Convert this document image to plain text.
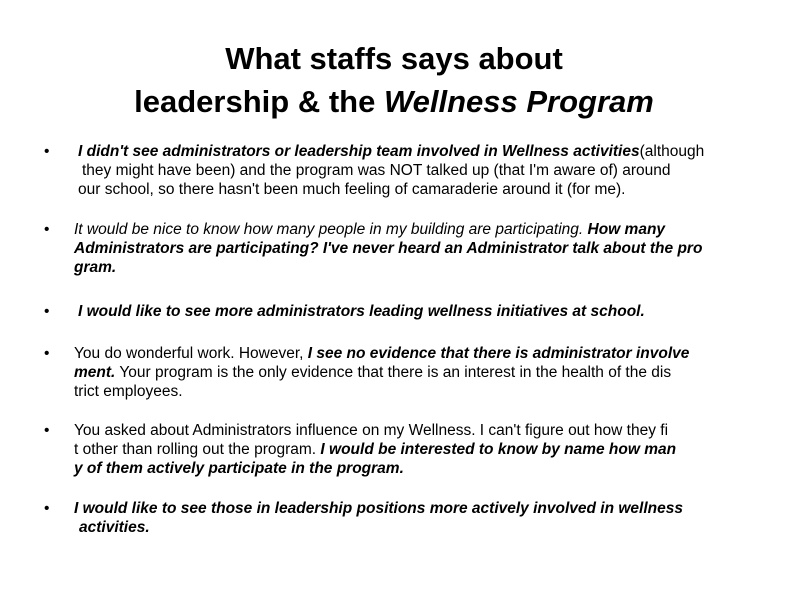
What staffs says about
leadership & the Wellness Program
• I didn't see administrators or leadership team involved in Wellness activities(although
they might have been) and the program was NOT talked up (that I'm aware of) around
our school, so there hasn't been much feeling of camaraderie around it (for me).
• It would be nice to know how many people in my building are participating. How many
Administrators are participating? I've never heard an Administrator talk about the pro
gram.
• I would like to see more administrators leading wellness initiatives at school.
• You do wonderful work. However, I see no evidence that there is administrator involve
ment. Your program is the only evidence that there is an interest in the health of the dis
trict employees.
• You asked about Administrators influence on my Wellness. I can't figure out how they fi
t other than rolling out the program. I would be interested to know by name how man
y of them actively participate in the program.
• I would like to see those in leadership positions more actively involved in wellness
activities.
